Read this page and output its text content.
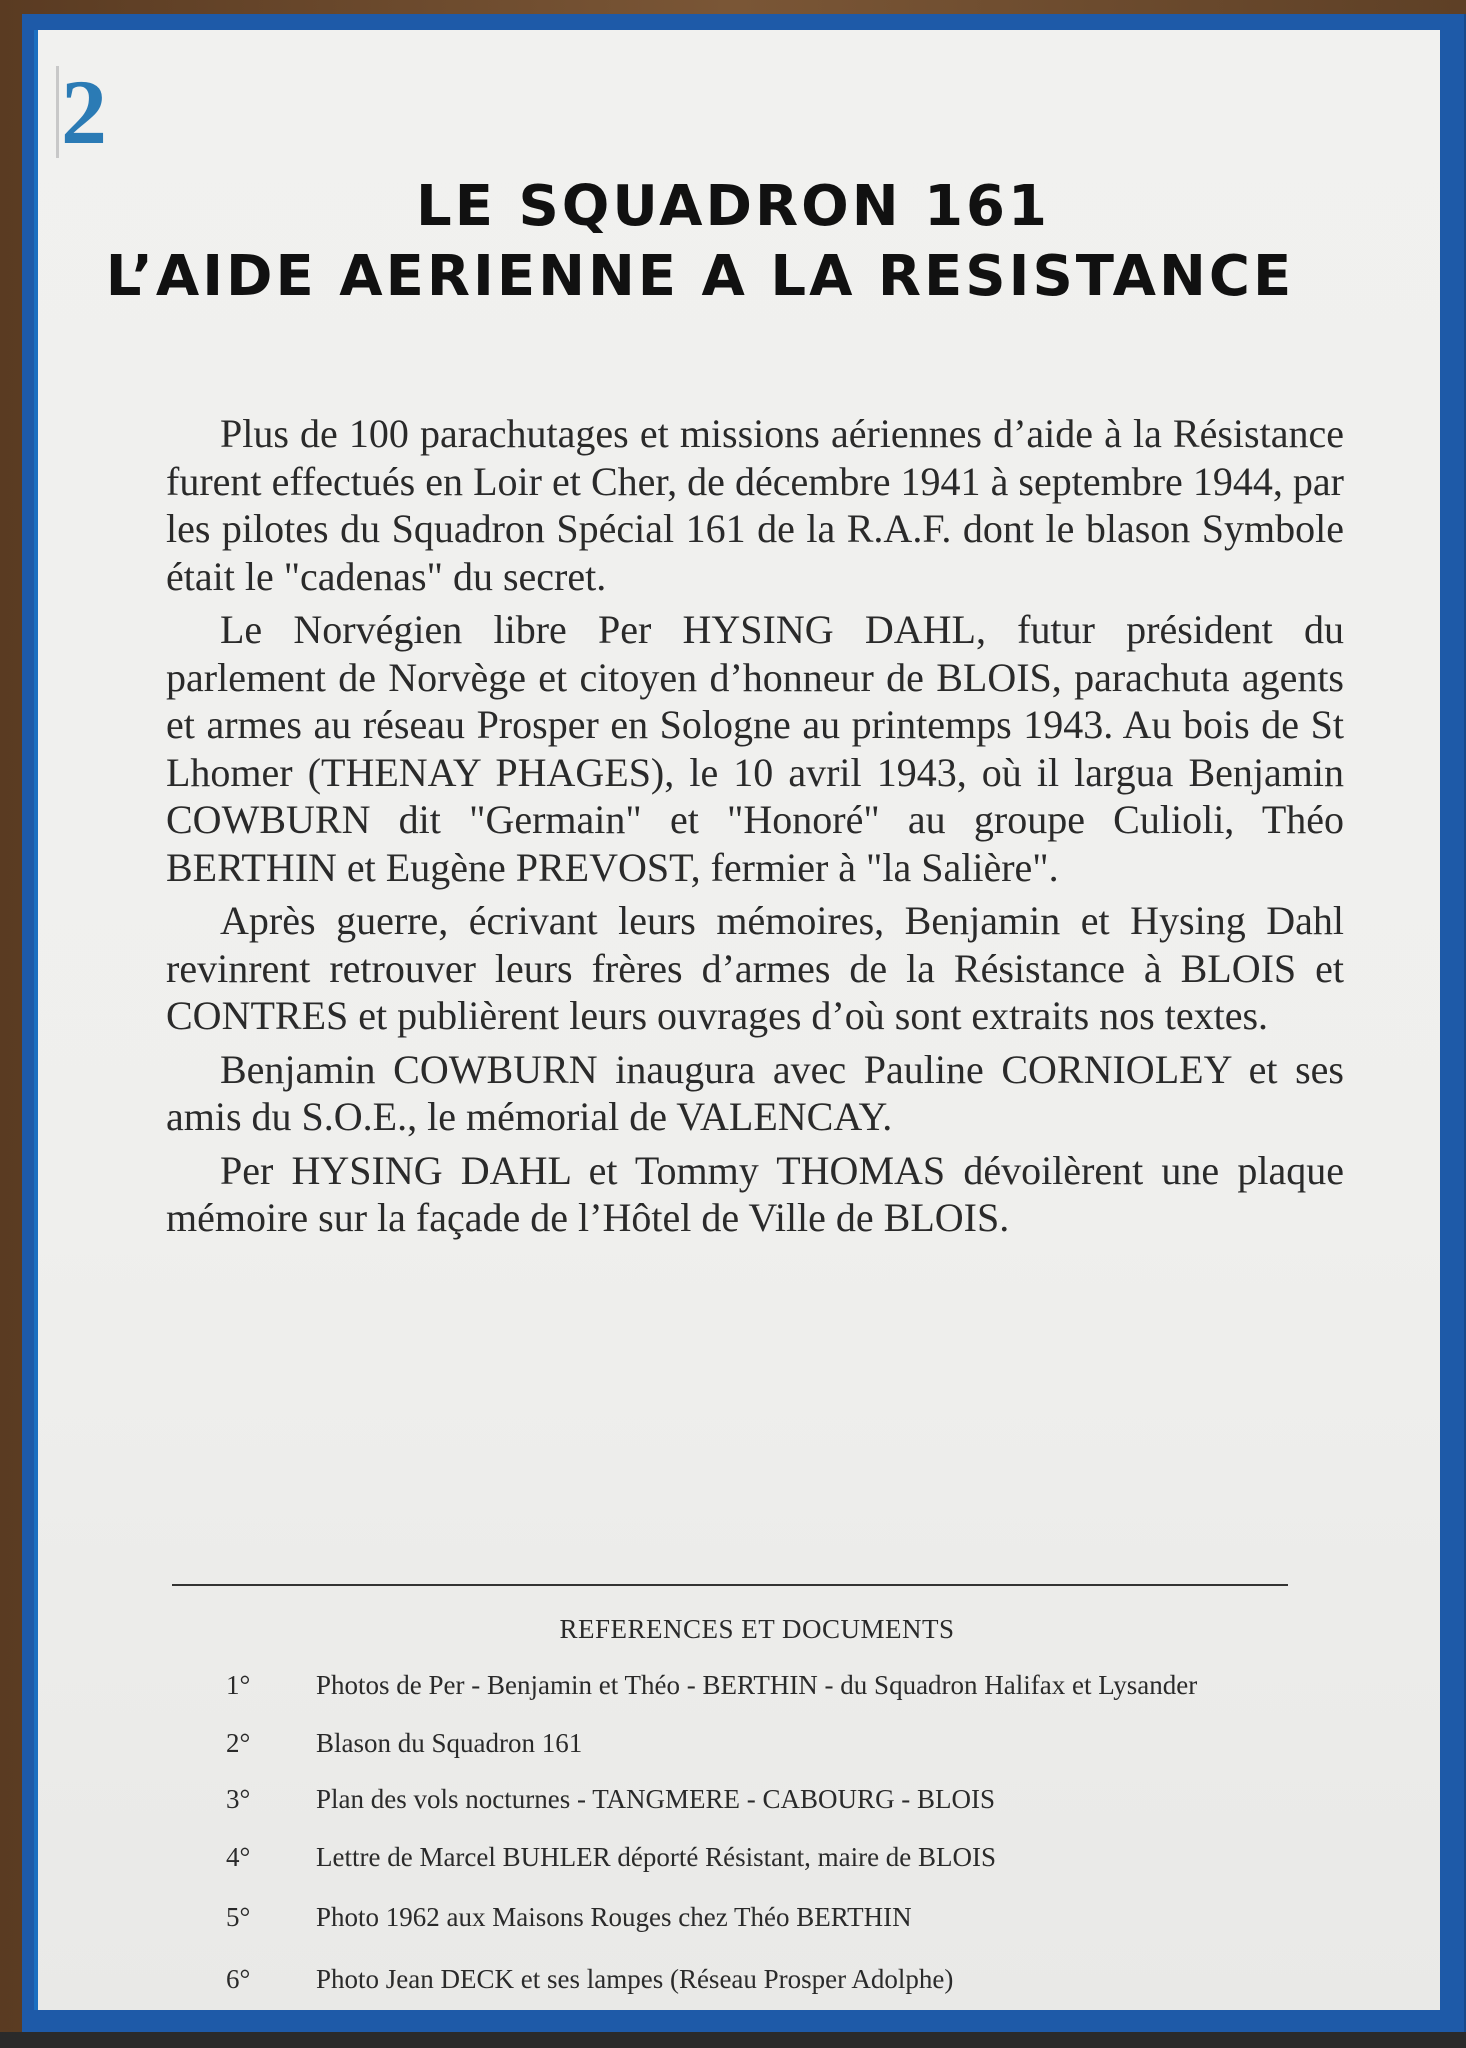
2
LE SQUADRON 161
L’AIDE AERIENNE A LA RESISTANCE

Plus de 100 parachutages et missions aériennes d’aide à la Résistance furent effectués en Loir et Cher, de décembre 1941 à septembre 1944, par les pilotes du Squadron Spécial 161 de la R.A.F. dont le blason Symbole était le "cadenas" du secret.

Le Norvégien libre Per HYSING DAHL, futur président du parlement de Norvège et citoyen d’honneur de BLOIS, parachuta agents et armes au réseau Prosper en Sologne au printemps 1943. Au bois de St Lhomer (THENAY PHAGES), le 10 avril 1943, où il largua Benjamin COWBURN dit "Germain" et "Honoré" au groupe Culioli, Théo BERTHIN et Eugène PREVOST, fermier à "la Salière".

Après guerre, écrivant leurs mémoires, Benjamin et Hysing Dahl revinrent retrouver leurs frères d’armes de la Résistance à BLOIS et CONTRES et publièrent leurs ouvrages d’où sont extraits nos textes.

Benjamin COWBURN inaugura avec Pauline CORNIOLEY et ses amis du S.O.E., le mémorial de VALENCAY.

Per HYSING DAHL et Tommy THOMAS dévoilèrent une plaque mémoire sur la façade de l’Hôtel de Ville de BLOIS.

REFERENCES ET DOCUMENTS
1°	Photos de Per - Benjamin et Théo - BERTHIN - du Squadron Halifax et Lysander
2°	Blason du Squadron 161
3°	Plan des vols nocturnes - TANGMERE - CABOURG - BLOIS
4°	Lettre de Marcel BUHLER déporté Résistant, maire de BLOIS
5°	Photo 1962 aux Maisons Rouges chez Théo BERTHIN
6°	Photo Jean DECK et ses lampes (Réseau Prosper Adolphe)
